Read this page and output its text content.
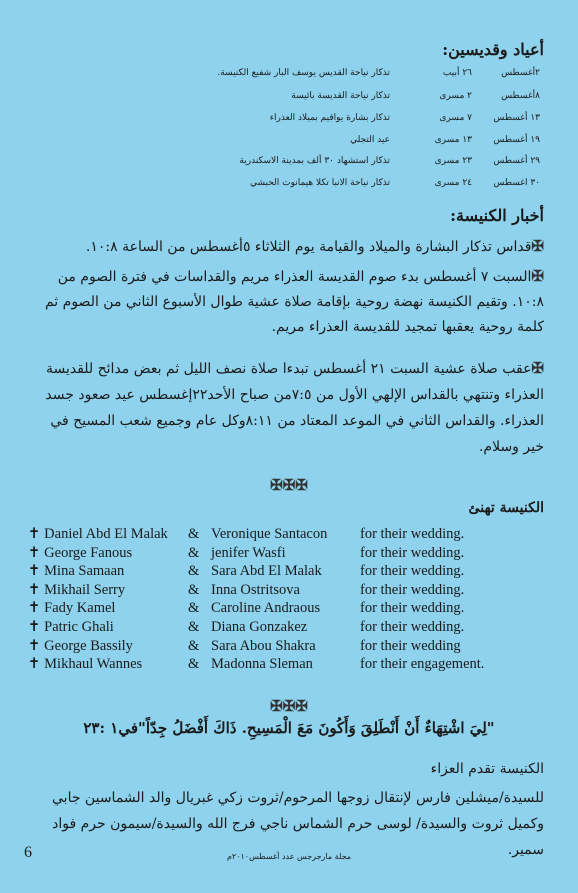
أعياد وقديسين:
٢أغسطس
٢٦ أبيب
تذكار نياحة القديس يوسف البار شفيع الكنيسة.
٨أغسطس
٢ مسرى
تذكار نياحة القديسة بائيسة
١٣ أغسطس
٧ مسرى
تذكار بشارة يواقيم بميلاد العذراء
١٩ أغسطس
١٣ مسرى
عيد التجلي
٢٩ أغسطس
٢٣ مسرى
تذكار استشهاد ٣٠ ألف بمدينة الاسكندرية
٣٠ اغسطس
٢٤ مسرى
تذكار نياحة الانبا تكلا هيمانوت الحبشي
أخبار الكنيسة:
✠قداس تذكار البشارة والميلاد والقيامة يوم الثلاثاء ٥أغسطس من الساعة ١٠:٨.
✠السبت ٧ أغسطس بدء صوم القديسة العذراء مريم والقداسات في فترة الصوم من ١٠:٨. وتقيم الكنيسة نهضة روحية بإقامة صلاة عشية طوال الأسبوع الثاني من الصوم ثم كلمة روحية يعقبها تمجيد للقديسة العذراء مريم.
✠عقب صلاة عشية السبت ٢١ أغسطس تبدءا صلاة نصف الليل ثم بعض مدائح للقديسة العذراء وتنتهي بالقداس الإلهي الأول من ٧:٥من صباح الأحد٢٢إغسطس عيد صعود جسد العذراء. والقداس الثاني في الموعد المعتاد من ٨:١١وكل عام وجميع شعب المسيح في خير وسلام.
✠✠✠
الكنيسة تهنئ
✝ Daniel Abd El Malak & Veronique Santacon for their wedding.
✝ George Fanous	& jenifer Wasfi	for their wedding.
✝ Mina Samaan	& Sara Abd El Malak	for their wedding.
✝ Mikhail Serry	& Inna Ostritsova	for their wedding.
✝ Fady Kamel	& Caroline Andraous	for their wedding.
✝ Patric Ghali	& Diana Gonzakez	for their wedding.
✝ George Bassily	& Sara Abou Shakra	for their wedding
✝ Mikhaul Wannes	& Madonna Sleman	for their engagement.
✠✠✠
"لِيَ اشْتِهَاءٌ أَنْ أَنْطَلِقَ وَأَكُونَ مَعَ الْمَسِيحِ. ذَاكَ أَفْضَلُ جِدّاً"في١ :٢٣
الكنيسة تقدم العزاء
للسيدة/ميشلين فارس لإنتقال زوجها المرحوم/ثروت زكي غبريال والد الشماسين جابي وكميل ثروت والسيدة/ لوسى حرم الشماس ناجي فرج الله والسيدة/سيمون حرم فواد سمير.
6	مجلة مارجرجس عدد أغسطس٢٠١٠م
